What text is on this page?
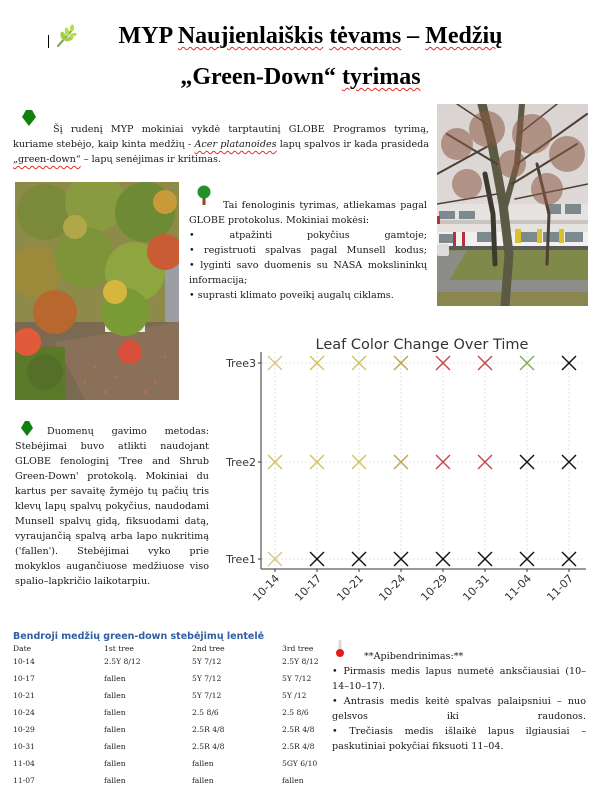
MYP Naujienlaiškis tėvams – Medžių
„Green-Down“ tyrimas
Šį rudenį MYP mokiniai vykdė tarptautinį GLOBE Programos tyrimą, kuriame stebėjo, kaip kinta medžių - Acer platanoides lapų spalvos ir kada prasideda „green-down“ – lapų senėjimas ir kritimas.
Tai fenologinis tyrimas, atliekamas pagal GLOBE protokolus. Mokiniai mokėsi:
• atpažinti pokyčius gamtoje;
• registruoti spalvas pagal Munsell kodus;
• lyginti savo duomenis su NASA mokslininkų informacija;
• suprasti klimato poveikį augalų ciklams.
Leaf Color Change Over Time
Tree1
Tree2
Tree3
10-14 10-17 10-21 10-24 10-29 10-31 11-04 11-07
Duomenų gavimo metodas: Stebėjimai buvo atlikti naudojant GLOBE fenologinį 'Tree and Shrub Green-Down' protokolą. Mokiniai du kartus per savaitę žymėjo tų pačių tris klevų lapų spalvų pokyčius, naudodami Munsell spalvų gidą, fiksuodami datą, vyraujančią spalvą arba lapo nukritimą ('fallen'). Stebėjimai vyko prie mokyklos augančiuose medžiuose viso spalio–lapkričio laikotarpiu.
Bendroji medžių green-down stebėjimų lentelė
Date	1st tree	2nd tree	3rd tree
10-14	2.5Y 8/12	5Y 7/12	2.5Y 8/12
10-17	fallen	5Y 7/12	5Y 7/12
10-21	fallen	5Y 7/12	5Y /12
10-24	fallen	2.5 8/6	2.5 8/6
10-29	fallen	2.5R 4/8	2.5R 4/8
10-31	fallen	2.5R 4/8	2.5R 4/8
11-04	fallen	fallen	5GY 6/10
11-07	fallen	fallen	fallen
**Apibendrinimas:**
• Pirmasis medis lapus numetė anksčiausiai (10–14–10–17).
• Antrasis medis keitė spalvas palaipsniui – nuo gelsvos iki raudonos.
• Trečiasis medis išlaikė lapus ilgiausiai – paskutiniai pokyčiai fiksuoti 11–04.
